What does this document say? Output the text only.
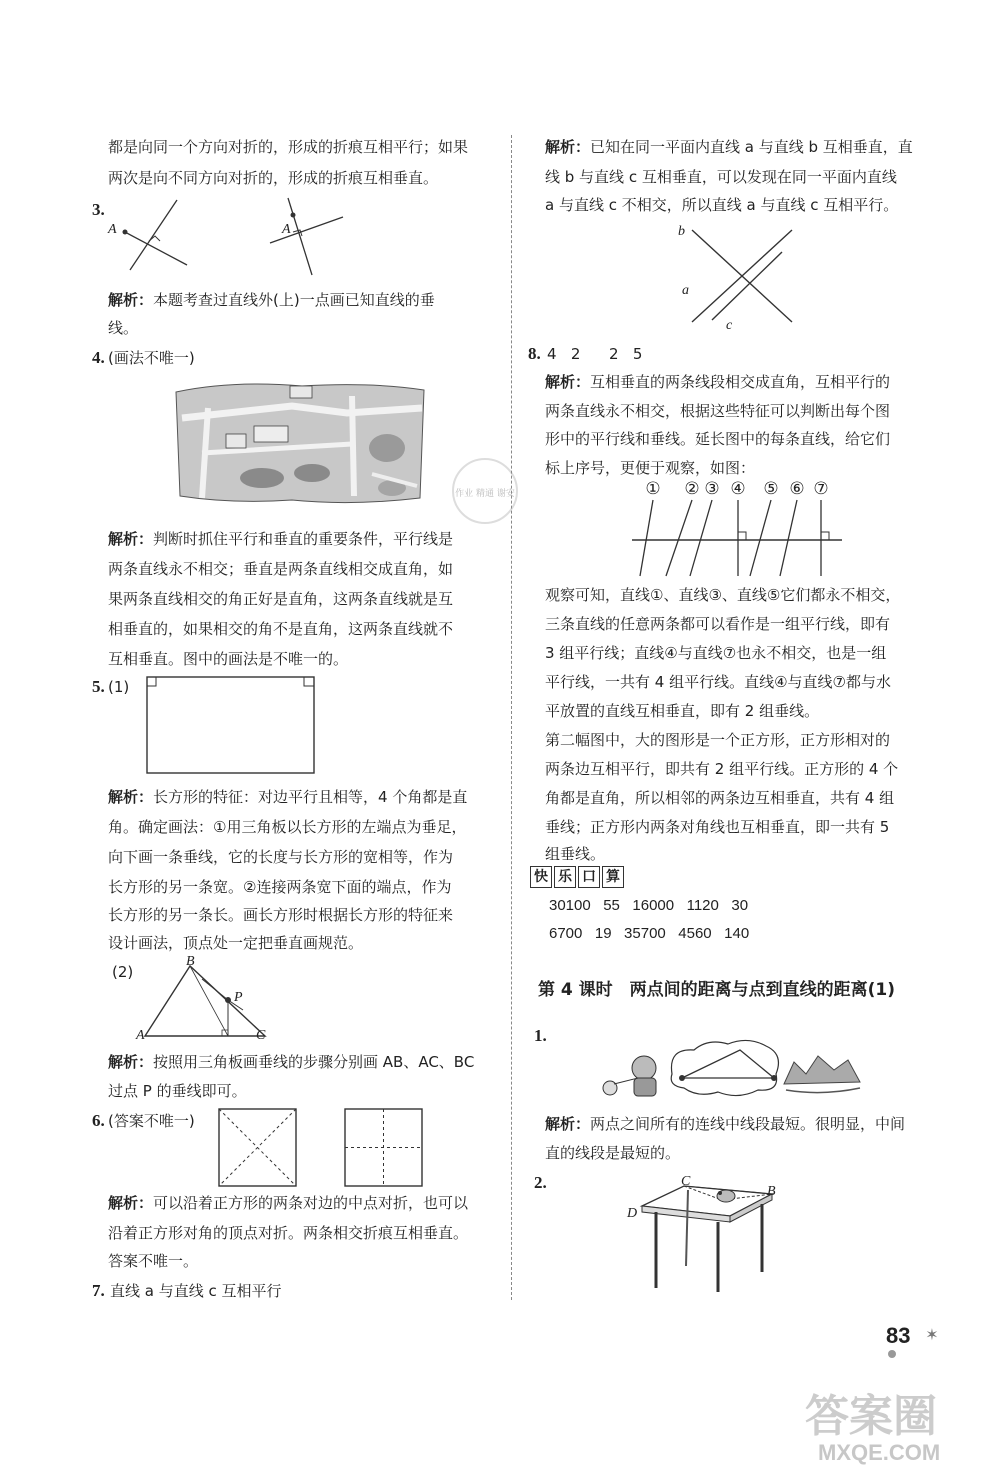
都是向同一个方向对折的，形成的折痕互相平行；如果
两次是向不同方向对折的，形成的折痕互相垂直。
3.
A	A
解析：本题考查过直线外(上)一点画已知直线的垂
线。
4. (画法不唯一)
作业 精通 谢安
解析：判断时抓住平行和垂直的重要条件，平行线是
两条直线永不相交；垂直是两条直线相交成直角，如
果两条直线相交的角正好是直角，这两条直线就是互
相垂直的，如果相交的角不是直角，这两条直线就不
互相垂直。图中的画法是不唯一的。
5. (1)
解析：长方形的特征：对边平行且相等，4 个角都是直
角。确定画法：①用三角板以长方形的左端点为垂足，
向下画一条垂线，它的长度与长方形的宽相等，作为
长方形的另一条宽。②连接两条宽下面的端点，作为
长方形的另一条长。画长方形时根据长方形的特征来
设计画法，顶点处一定把垂直画规范。
(2)
B
P
A	C
解析：按照用三角板画垂线的步骤分别画 AB、AC、BC
过点 P 的垂线即可。
6. (答案不唯一)
解析：可以沿着正方形的两条对边的中点对折，也可以
沿着正方形对角的顶点对折。两条相交折痕互相垂直。
答案不唯一。
7. 直线 a 与直线 c 互相平行
解析：已知在同一平面内直线 a 与直线 b 互相垂直，直
线 b 与直线 c 互相垂直，可以发现在同一平面内直线
a 与直线 c 不相交，所以直线 a 与直线 c 互相平行。
b
a
c
8. 4   2      2   5
解析：互相垂直的两条线段相交成直角，互相平行的
两条直线永不相交，根据这些特征可以判断出每个图
形中的平行线和垂线。延长图中的每条直线，给它们
标上序号，更便于观察，如图：
① ② ③ ④ ⑤ ⑥ ⑦
观察可知，直线①、直线③、直线⑤它们都永不相交，
三条直线的任意两条都可以看作是一组平行线，即有
3 组平行线；直线④与直线⑦也永不相交，也是一组
平行线，一共有 4 组平行线。直线④与直线⑦都与水
平放置的直线互相垂直，即有 2 组垂线。
第二幅图中，大的图形是一个正方形，正方形相对的
两条边互相平行，即共有 2 组平行线。正方形的 4 个
角都是直角，所以相邻的两条边互相垂直，共有 4 组
垂线；正方形内两条对角线也互相垂直，即一共有 5
组垂线。
快 乐 口 算
30100   55   16000   1120   30
6700   19   35700   4560   140
第 4 课时　两点间的距离与点到直线的距离(1)
1.
解析：两点之间所有的连线中线段最短。很明显，中间
直的线段是最短的。
2.	C
B
D
✶
83
答案圈
MXQE.COM
